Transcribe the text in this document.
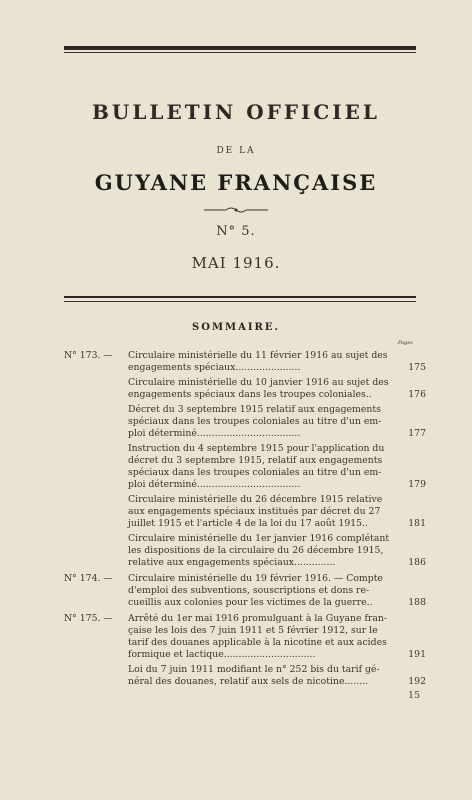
BULLETIN OFFICIEL
DE LA
GUYANE FRANÇAISE
N° 5.
MAI 1916.
SOMMAIRE.
Pages
N° 173. — Circulaire ministérielle du 11 février 1916 au sujet des
engagements spéciaux......................	175
Circulaire ministérielle du 10 janvier 1916 au sujet des
engagements spéciaux dans les troupes coloniales..	176
Décret du 3 septembre 1915 relatif aux engagements
spéciaux dans les troupes coloniales au titre d'un em-
ploi déterminé...................................	177
Instruction du 4 septembre 1915 pour l'application du
décret du 3 septembre 1915, relatif aux engagements
spéciaux dans les troupes coloniales au titre d'un em-
ploi déterminé...................................	179
Circulaire ministérielle du 26 décembre 1915 relative
aux engagements spéciaux institués par décret du 27
juillet 1915 et l'article 4 de la loi du 17 août 1915..	181
Circulaire ministérielle du 1er janvier 1916 complétant
les dispositions de la circulaire du 26 décembre 1915,
relative aux engagements spéciaux..............	186
N° 174. — Circulaire ministérielle du 19 février 1916. — Compte
d'emploi des subventions, souscriptions et dons re-
cueillis aux colonies pour les victimes de la guerre..	188
N° 175. — Arrêté du 1er mai 1916 promulguant à la Guyane fran-
çaise les lois des 7 juin 1911 et 5 février 1912, sur le
tarif des douanes applicable à la nicotine et aux acides
formique et lactique...............................	191
Loi du 7 juin 1911 modifiant le n° 252 bis du tarif gé-
néral des douanes, relatif aux sels de nicotine........	192
15
